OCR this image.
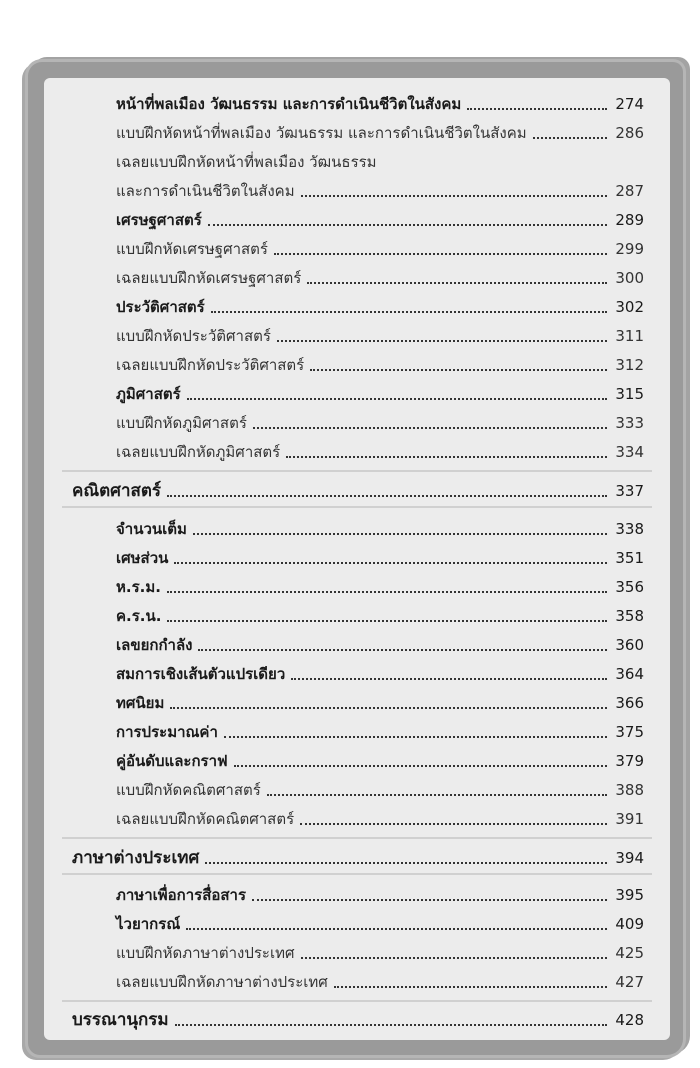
หน้าที่พลเมือง วัฒนธรรม และการดำเนินชีวิตในสังคม	274
แบบฝึกหัดหน้าที่พลเมือง วัฒนธรรม และการดำเนินชีวิตในสังคม	286
เฉลยแบบฝึกหัดหน้าที่พลเมือง วัฒนธรรม
และการดำเนินชีวิตในสังคม	287
เศรษฐศาสตร์	289
แบบฝึกหัดเศรษฐศาสตร์	299
เฉลยแบบฝึกหัดเศรษฐศาสตร์	300
ประวัติศาสตร์	302
แบบฝึกหัดประวัติศาสตร์	311
เฉลยแบบฝึกหัดประวัติศาสตร์	312
ภูมิศาสตร์	315
แบบฝึกหัดภูมิศาสตร์	333
เฉลยแบบฝึกหัดภูมิศาสตร์	334
คณิตศาสตร์	337
จำนวนเต็ม	338
เศษส่วน	351
ห.ร.ม.	356
ค.ร.น.	358
เลขยกกำลัง	360
สมการเชิงเส้นตัวแปรเดียว	364
ทศนิยม	366
การประมาณค่า	375
คู่อันดับและกราฟ	379
แบบฝึกหัดคณิตศาสตร์	388
เฉลยแบบฝึกหัดคณิตศาสตร์	391
ภาษาต่างประเทศ	394
ภาษาเพื่อการสื่อสาร	395
ไวยากรณ์	409
แบบฝึกหัดภาษาต่างประเทศ	425
เฉลยแบบฝึกหัดภาษาต่างประเทศ	427
บรรณานุกรม	428
